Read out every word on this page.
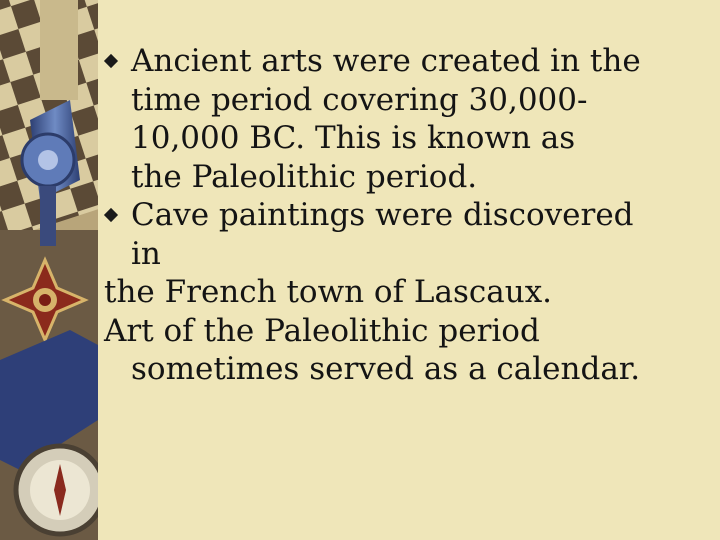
Ancient arts were created in the
time period covering 30,000-
10,000 BC. This is known as
the Paleolithic period.
Cave paintings were discovered
in
the French town of Lascaux.
Art of the Paleolithic period
sometimes served as a calendar.
